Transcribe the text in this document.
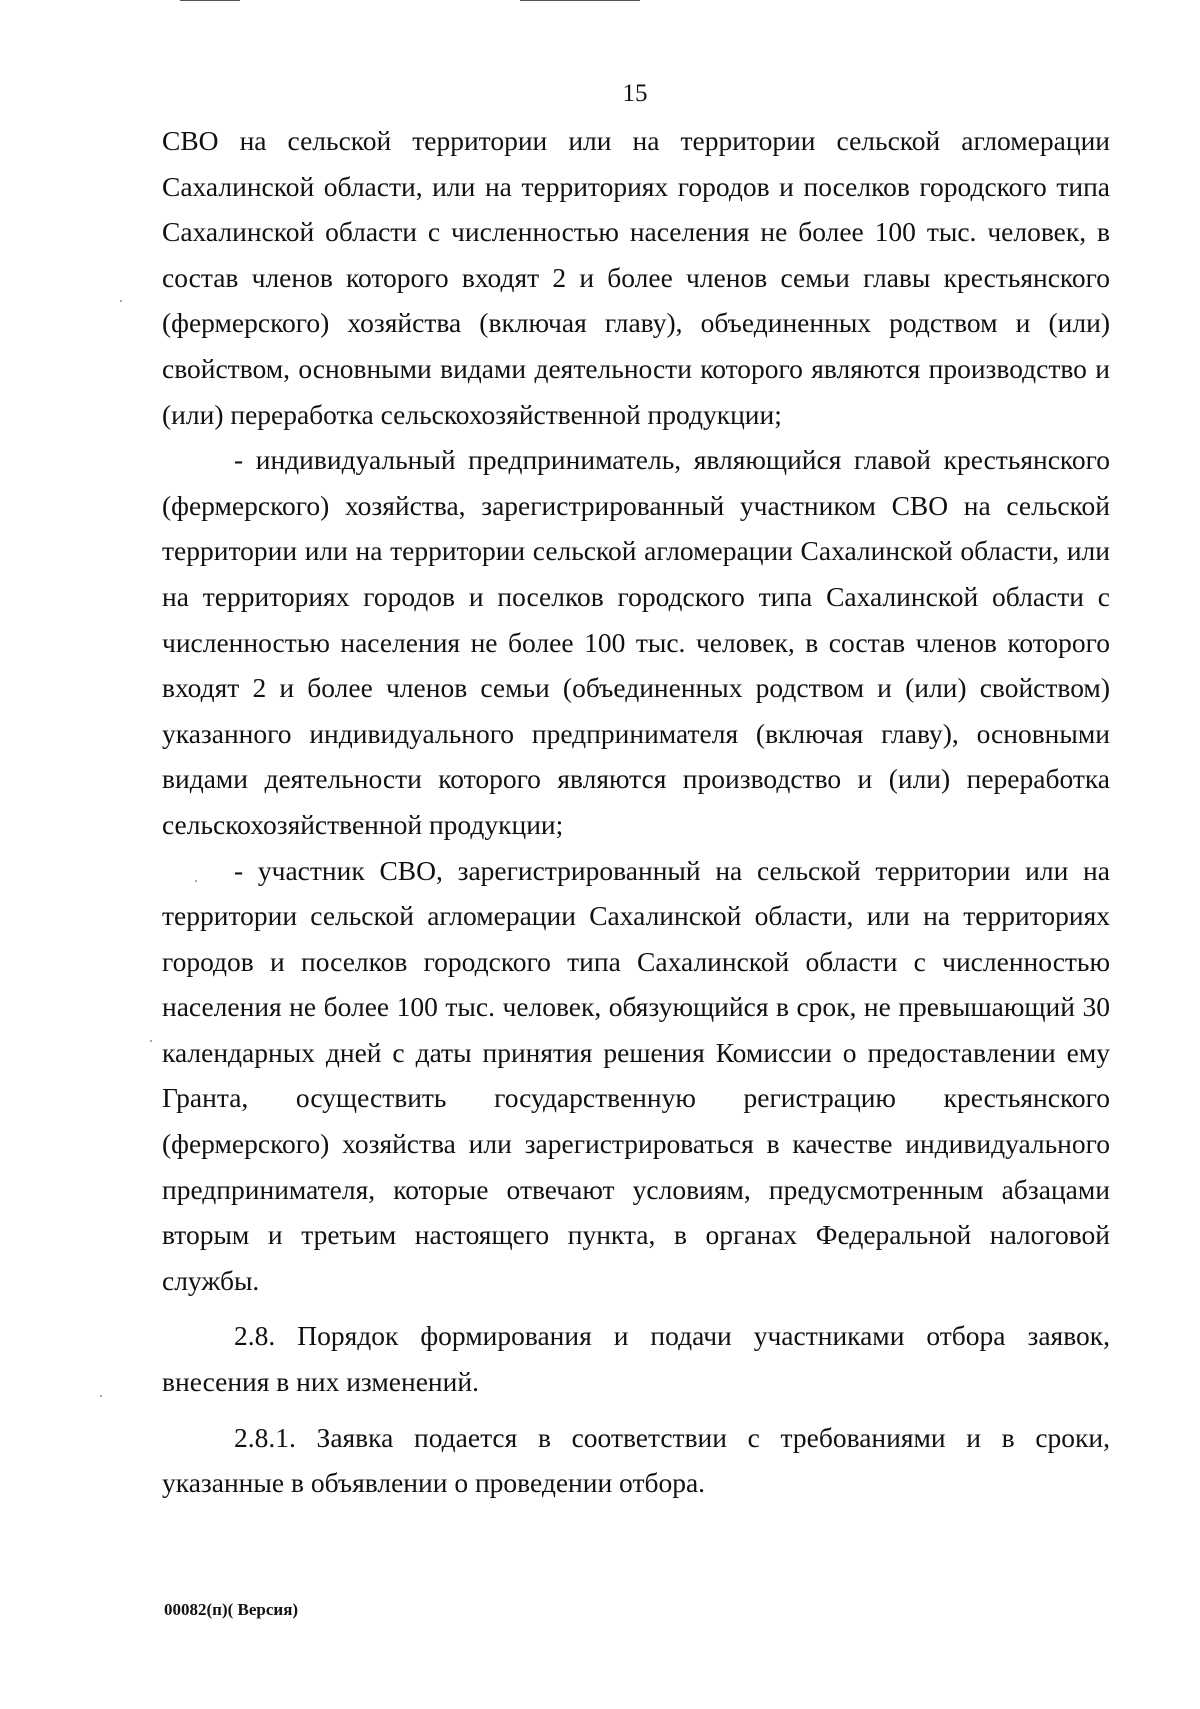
15

СВО на сельской территории или на территории сельской агломерации Сахалинской области, или на территориях городов и поселков городского типа Сахалинской области с численностью населения не более 100 тыс. человек, в состав членов которого входят 2 и более членов семьи главы крестьянского (фермерского) хозяйства (включая главу), объединенных родством и (или) свойством, основными видами деятельности которого являются производство и (или) переработка сельскохозяйственной продукции;

- индивидуальный предприниматель, являющийся главой крестьянского (фермерского) хозяйства, зарегистрированный участником СВО на сельской территории или на территории сельской агломерации Сахалинской области, или на территориях городов и поселков городского типа Сахалинской области с численностью населения не более 100 тыс. человек, в состав членов которого входят 2 и более членов семьи (объединенных родством и (или) свойством) указанного индивидуального предпринимателя (включая главу), основными видами деятельности которого являются производство и (или) переработка сельскохозяйственной продукции;

- участник СВО, зарегистрированный на сельской территории или на территории сельской агломерации Сахалинской области, или на территориях городов и поселков городского типа Сахалинской области с численностью населения не более 100 тыс. человек, обязующийся в срок, не превышающий 30 календарных дней с даты принятия решения Комиссии о предоставлении ему Гранта, осуществить государственную регистрацию крестьянского (фермерского) хозяйства или зарегистрироваться в качестве индивидуального предпринимателя, которые отвечают условиям, предусмотренным абзацами вторым и третьим настоящего пункта, в органах Федеральной налоговой службы.

2.8. Порядок формирования и подачи участниками отбора заявок, внесения в них изменений.

2.8.1. Заявка подается в соответствии с требованиями и в сроки, указанные в объявлении о проведении отбора.

00082(п)( Версия)
